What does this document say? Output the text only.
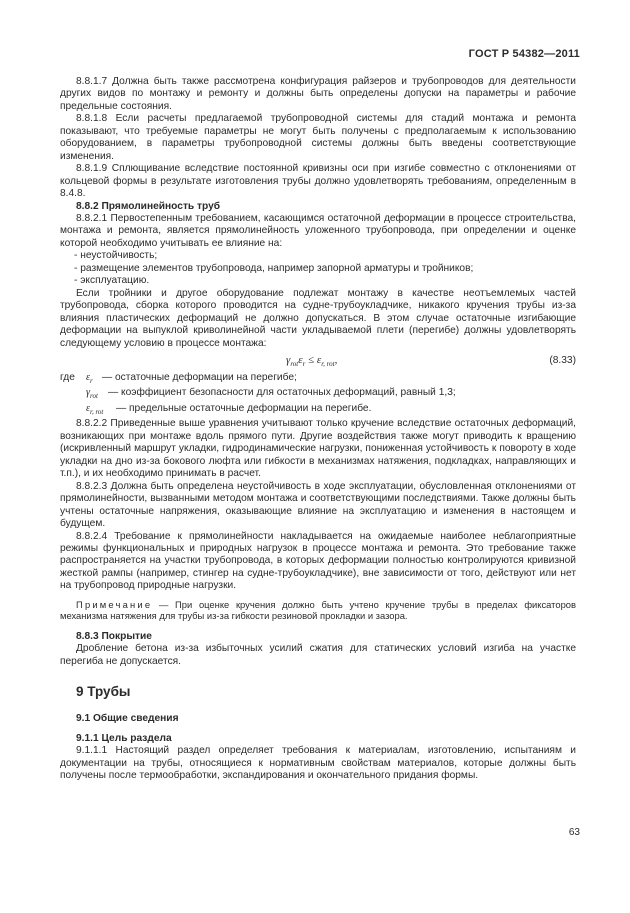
ГОСТ Р 54382—2011

8.8.1.7 Должна быть также рассмотрена конфигурация райзеров и трубопроводов для деятельности других видов по монтажу и ремонту и должны быть определены допуски на параметры и рабочие предельные состояния.

8.8.1.8 Если расчеты предлагаемой трубопроводной системы для стадий монтажа и ремонта показывают, что требуемые параметры не могут быть получены с предполагаемым к использованию оборудованием, в параметры трубопроводной системы должны быть введены соответствующие изменения.

8.8.1.9 Сплющивание вследствие постоянной кривизны оси при изгибе совместно с отклонениями от кольцевой формы в результате изготовления трубы должно удовлетворять требованиям, определенным в 8.4.8.

8.8.2 Прямолинейность труб

8.8.2.1 Первостепенным требованием, касающимся остаточной деформации в процессе строительства, монтажа и ремонта, является прямолинейность уложенного трубопровода, при определении и оценке которой необходимо учитывать ее влияние на:

- неустойчивость;

- размещение элементов трубопровода, например запорной арматуры и тройников;

- эксплуатацию.

Если тройники и другое оборудование подлежат монтажу в качестве неотъемлемых частей трубопровода, сборка которого проводится на судне-трубоукладчике, никакого кручения трубы из-за влияния пластических деформаций не должно допускаться. В этом случае остаточные изгибающие деформации на выпуклой криволинейной части укладываемой плети (перегибе) должны удовлетворять следующему условию в процессе монтажа:

$\gamma_{rot}\varepsilon_r \le \varepsilon_{r, rot}$,	(8.33)
где	$\varepsilon_r$ — остаточные деформации на перегибе;
$\gamma_{rot}$ — коэффициент безопасности для остаточных деформаций, равный 1,3;
$\varepsilon_{r, rot}$	— предельные остаточные деформации на перегибе.

8.8.2.2 Приведенные выше уравнения учитывают только кручение вследствие остаточных деформаций, возникающих при монтаже вдоль прямого пути. Другие воздействия также могут приводить к вращению (искривленный маршрут укладки, гидродинамические нагрузки, пониженная устойчивость к повороту в ходе укладки на дно из-за бокового люфта или гибкости в механизмах натяжения, подкладках, направляющих и т.п.), и их необходимо принимать в расчет.

8.8.2.3 Должна быть определена неустойчивость в ходе эксплуатации, обусловленная отклонениями от прямолинейности, вызванными методом монтажа и соответствующими последствиями. Также должны быть учтены остаточные напряжения, оказывающие влияние на эксплуатацию и изменения в настоящем и будущем.

8.8.2.4 Требование к прямолинейности накладывается на ожидаемые наиболее неблагоприятные режимы функциональных и природных нагрузок в процессе монтажа и ремонта. Это требование также распространяется на участки трубопровода, в которых деформации полностью контролируются кривизной жесткой рампы (например, стингер на судне-трубоукладчике), вне зависимости от того, действуют или нет на трубопровод природные нагрузки.

Примечание — При оценке кручения должно быть учтено кручение трубы в пределах фиксаторов механизма натяжения для трубы из-за гибкости резиновой прокладки и зазора.

8.8.3 Покрытие

Дробление бетона из-за избыточных усилий сжатия для статических условий изгиба на участке перегиба не допускается.

9 Трубы

9.1 Общие сведения

9.1.1 Цель раздела

9.1.1.1 Настоящий раздел определяет требования к материалам, изготовлению, испытаниям и документации на трубы, относящиеся к нормативным свойствам материалов, которые должны быть получены после термообработки, экспандирования и окончательного придания формы.

63
